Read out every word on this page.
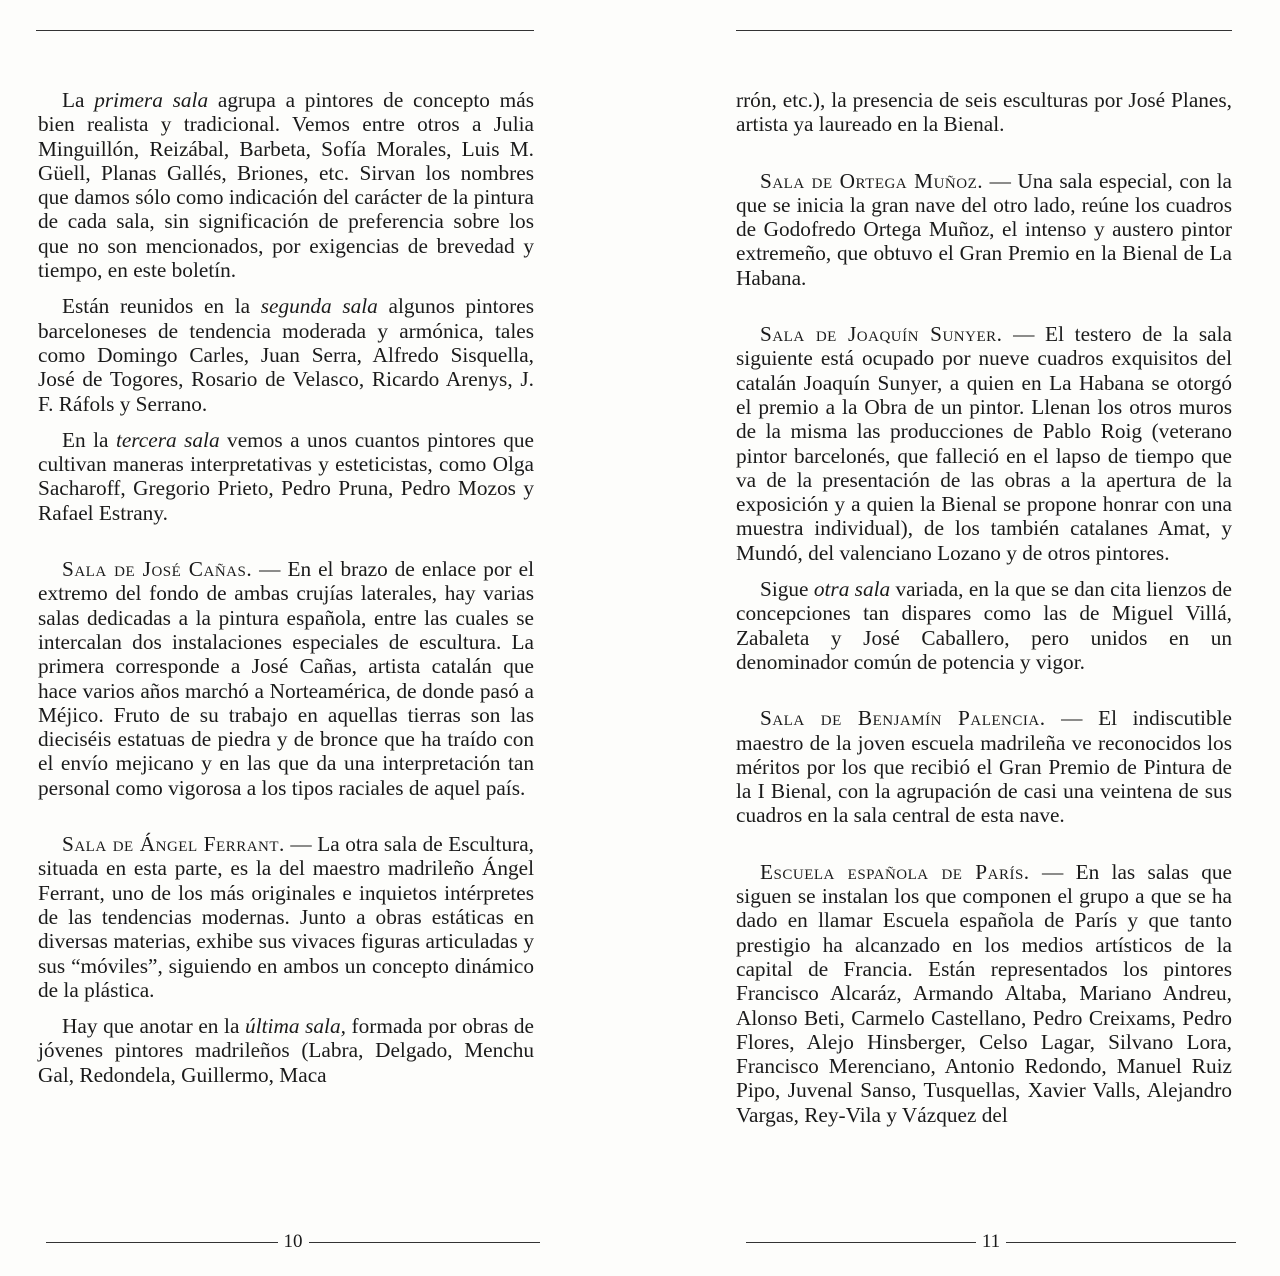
La primera sala agrupa a pintores de concepto más bien realista y tradicional. Vemos entre otros a Julia Minguillón, Reizábal, Barbeta, Sofía Morales, Luis M. Güell, Planas Gallés, Briones, etc. Sirvan los nombres que damos sólo como indicación del carácter de la pintura de cada sala, sin significación de preferencia sobre los que no son mencionados, por exigencias de brevedad y tiempo, en este boletín.

Están reunidos en la segunda sala algunos pintores barceloneses de tendencia moderada y armónica, tales como Domingo Carles, Juan Serra, Alfredo Sisquella, José de Togores, Rosario de Velasco, Ricardo Arenys, J. F. Ráfols y Serrano.

En la tercera sala vemos a unos cuantos pintores que cultivan maneras interpretativas y esteticistas, como Olga Sacharoff, Gregorio Prieto, Pedro Pruna, Pedro Mozos y Rafael Estrany.

Sala de José Cañas. — En el brazo de enlace por el extremo del fondo de ambas crujías laterales, hay varias salas dedicadas a la pintura española, entre las cuales se intercalan dos instalaciones especiales de escultura. La primera corresponde a José Cañas, artista catalán que hace varios años marchó a Norteamérica, de donde pasó a Méjico. Fruto de su trabajo en aquellas tierras son las dieciséis estatuas de piedra y de bronce que ha traído con el envío mejicano y en las que da una interpretación tan personal como vigorosa a los tipos raciales de aquel país.

Sala de Ángel Ferrant. — La otra sala de Escultura, situada en esta parte, es la del maestro madrileño Ángel Ferrant, uno de los más originales e inquietos intérpretes de las tendencias modernas. Junto a obras estáticas en diversas materias, exhibe sus vivaces figuras articuladas y sus “móviles”, siguiendo en ambos un concepto dinámico de la plástica.

Hay que anotar en la última sala, formada por obras de jóvenes pintores madrileños (Labra, Delgado, Menchu Gal, Redondela, Guillermo, Maca

10

rrón, etc.), la presencia de seis esculturas por José Planes, artista ya laureado en la Bienal.

Sala de Ortega Muñoz. — Una sala especial, con la que se inicia la gran nave del otro lado, reúne los cuadros de Godofredo Ortega Muñoz, el intenso y austero pintor extremeño, que obtuvo el Gran Premio en la Bienal de La Habana.

Sala de Joaquín Sunyer. — El testero de la sala siguiente está ocupado por nueve cuadros exquisitos del catalán Joaquín Sunyer, a quien en La Habana se otorgó el premio a la Obra de un pintor. Llenan los otros muros de la misma las producciones de Pablo Roig (veterano pintor barcelonés, que falleció en el lapso de tiempo que va de la presentación de las obras a la apertura de la exposición y a quien la Bienal se propone honrar con una muestra individual), de los también catalanes Amat, y Mundó, del valenciano Lozano y de otros pintores.

Sigue otra sala variada, en la que se dan cita lienzos de concepciones tan dispares como las de Miguel Villá, Zabaleta y José Caballero, pero unidos en un denominador común de potencia y vigor.

Sala de Benjamín Palencia. — El indiscutible maestro de la joven escuela madrileña ve reconocidos los méritos por los que recibió el Gran Premio de Pintura de la I Bienal, con la agrupación de casi una veintena de sus cuadros en la sala central de esta nave.

Escuela española de París. — En las salas que siguen se instalan los que componen el grupo a que se ha dado en llamar Escuela española de París y que tanto prestigio ha alcanzado en los medios artísticos de la capital de Francia. Están representados los pintores Francisco Alcaráz, Armando Altaba, Mariano Andreu, Alonso Beti, Carmelo Castellano, Pedro Creixams, Pedro Flores, Alejo Hinsberger, Celso Lagar, Silvano Lora, Francisco Merenciano, Antonio Redondo, Manuel Ruiz Pipo, Juvenal Sanso, Tusquellas, Xavier Valls, Alejandro Vargas, Rey-Vila y Vázquez del

11
